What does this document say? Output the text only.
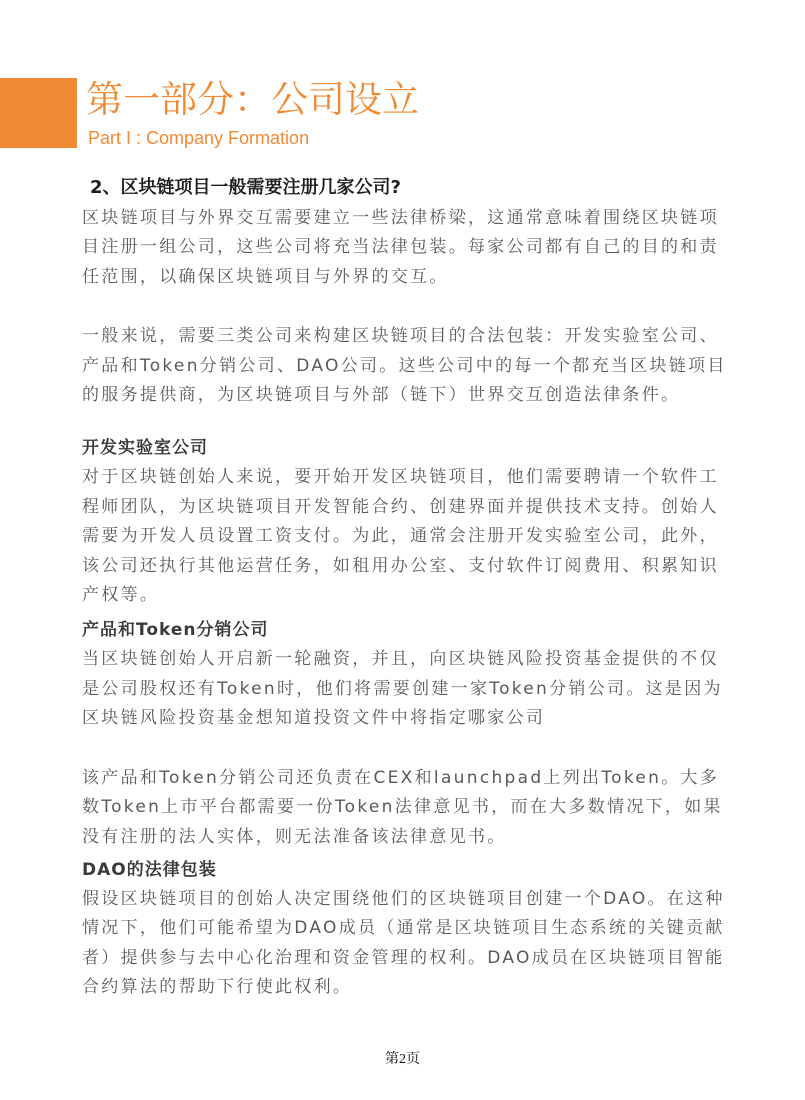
第一部分：公司设立
Part I : Company Formation
2、区块链项目一般需要注册几家公司?

区块链项目与外界交互需要建立一些法律桥梁，这通常意味着围绕区块链项目注册一组公司，这些公司将充当法律包装。每家公司都有自己的目的和责任范围，以确保区块链项目与外界的交互。

一般来说，需要三类公司来构建区块链项目的合法包装：开发实验室公司、产品和Token分销公司、DAO公司。这些公司中的每一个都充当区块链项目的服务提供商，为区块链项目与外部（链下）世界交互创造法律条件。

开发实验室公司

对于区块链创始人来说，要开始开发区块链项目，他们需要聘请一个软件工程师团队，为区块链项目开发智能合约、创建界面并提供技术支持。创始人需要为开发人员设置工资支付。为此，通常会注册开发实验室公司，此外，该公司还执行其他运营任务，如租用办公室、支付软件订阅费用、积累知识产权等。

产品和Token分销公司

当区块链创始人开启新一轮融资，并且，向区块链风险投资基金提供的不仅是公司股权还有Token时，他们将需要创建一家Token分销公司。这是因为区块链风险投资基金想知道投资文件中将指定哪家公司

该产品和Token分销公司还负责在CEX和launchpad上列出Token。大多数Token上市平台都需要一份Token法律意见书，而在大多数情况下，如果没有注册的法人实体，则无法准备该法律意见书。

DAO的法律包装

假设区块链项目的创始人决定围绕他们的区块链项目创建一个DAO。在这种情况下，他们可能希望为DAO成员（通常是区块链项目生态系统的关键贡献者）提供参与去中心化治理和资金管理的权利。DAO成员在区块链项目智能合约算法的帮助下行使此权利。

第2页
